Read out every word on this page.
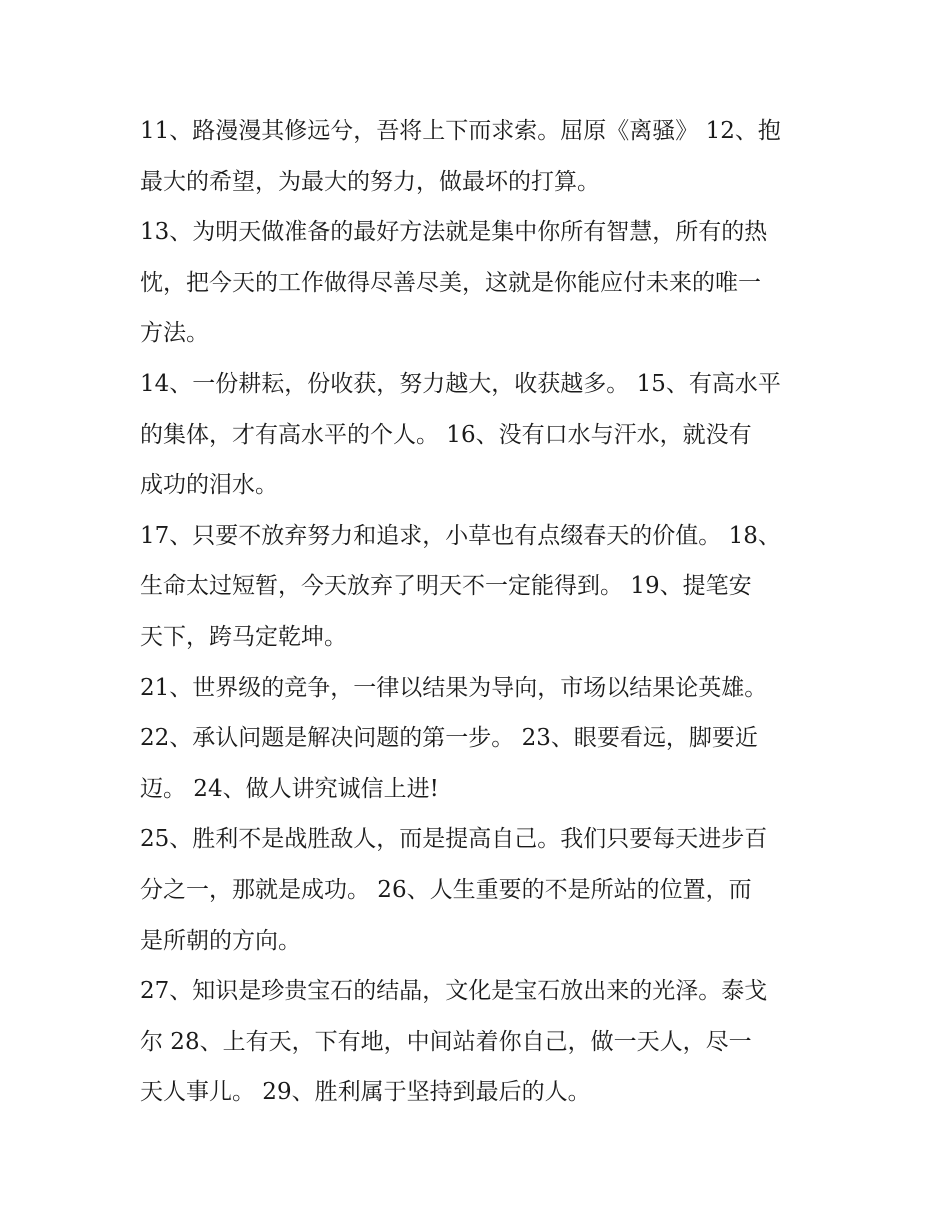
11、路漫漫其修远兮，吾将上下而求索。屈原《离骚》 12、抱
最大的希望，为最大的努力，做最坏的打算。
13、为明天做准备的最好方法就是集中你所有智慧，所有的热
忱，把今天的工作做得尽善尽美，这就是你能应付未来的唯一
方法。
14、一份耕耘，份收获，努力越大，收获越多。 15、有高水平
的集体，才有高水平的个人。 16、没有口水与汗水，就没有
成功的泪水。
17、只要不放弃努力和追求，小草也有点缀春天的价值。 18、
生命太过短暂，今天放弃了明天不一定能得到。 19、提笔安
天下，跨马定乾坤。
21、世界级的竞争，一律以结果为导向，市场以结果论英雄。
22、承认问题是解决问题的第一步。 23、眼要看远，脚要近
迈。 24、做人讲究诚信上进!
25、胜利不是战胜敌人，而是提高自己。我们只要每天进步百
分之一，那就是成功。 26、人生重要的不是所站的位置，而
是所朝的方向。
27、知识是珍贵宝石的结晶，文化是宝石放出来的光泽。泰戈
尔 28、上有天，下有地，中间站着你自己，做一天人，尽一
天人事儿。 29、胜利属于坚持到最后的人。
